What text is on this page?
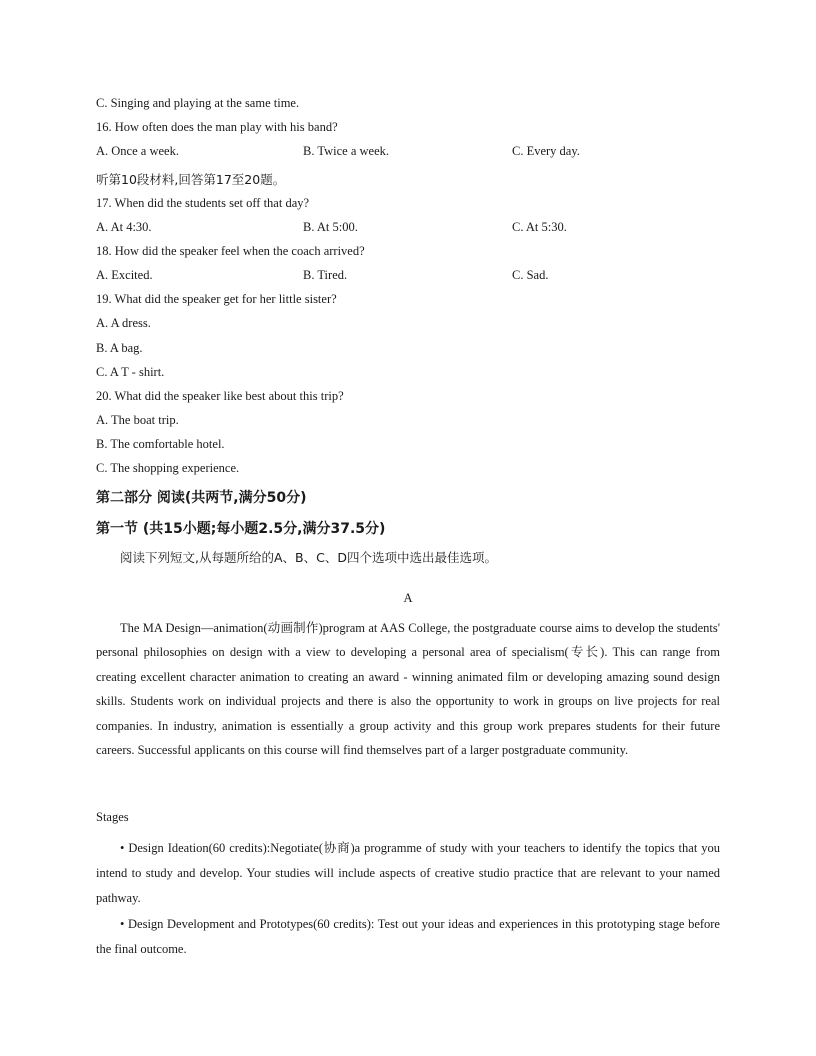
C. Singing and playing at the same time.
16. How often does the man play with his band?
A. Once a week.	B. Twice a week.	C. Every day.
听第10段材料,回答第17至20题。
17. When did the students set off that day?
A. At 4:30.	B. At 5:00.	C. At 5:30.
18. How did the speaker feel when the coach arrived?
A. Excited.	B. Tired.	C. Sad.
19. What did the speaker get for her little sister?
A. A dress.
B. A bag.
C. A T - shirt.
20. What did the speaker like best about this trip?
A. The boat trip.
B. The comfortable hotel.
C. The shopping experience.
第二部分 阅读(共两节,满分50分)
第一节 (共15小题;每小题2.5分,满分37.5分)
阅读下列短文,从每题所给的A、B、C、D四个选项中选出最佳选项。
A
The MA Design—animation(动画制作)program at AAS College, the postgraduate course aims to develop the students' personal philosophies on design with a view to developing a personal area of specialism(专长). This can range from creating excellent character animation to creating an award - winning animated film or developing amazing sound design skills. Students work on individual projects and there is also the opportunity to work in groups on live projects for real companies. In industry, animation is essentially a group activity and this group work prepares students for their future careers. Successful applicants on this course will find themselves part of a larger postgraduate community.
Stages
• Design Ideation(60 credits):Negotiate(协商)a programme of study with your teachers to identify the topics that you intend to study and develop. Your studies will include aspects of creative studio practice that are relevant to your named pathway.
• Design Development and Prototypes(60 credits): Test out your ideas and experiences in this prototyping stage before the final outcome.
